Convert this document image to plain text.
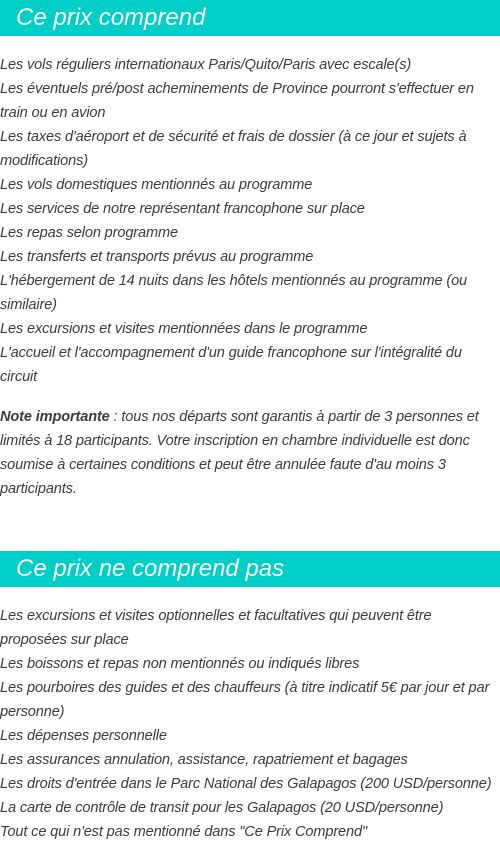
Ce prix comprend
Les vols réguliers internationaux Paris/Quito/Paris avec escale(s)
Les éventuels pré/post acheminements de Province pourront s'effectuer en train ou en avion
Les taxes d'aéroport et de sécurité et frais de dossier (à ce jour et sujets à modifications)
Les vols domestiques mentionnés au programme
Les services de notre représentant francophone sur place
Les repas selon programme
Les transferts et transports prévus au programme
L'hébergement de 14 nuits dans les hôtels mentionnés au programme (ou similaire)
Les excursions et visites mentionnées dans le programme
L'accueil et l'accompagnement d'un guide francophone sur l'intégralité du circuit

Note importante : tous nos départs sont garantis à partir de 3 personnes et limités à 18 participants. Votre inscription en chambre individuelle est donc soumise à certaines conditions et peut être annulée faute d'au moins 3 participants.

Ce prix ne comprend pas
Les excursions et visites optionnelles et facultatives qui peuvent être proposées sur place
Les boissons et repas non mentionnés ou indiqués libres
Les pourboires des guides et des chauffeurs (à titre indicatif 5€ par jour et par personne)
Les dépenses personnelle
Les assurances annulation, assistance, rapatriement et bagages
Les droits d'entrée dans le Parc National des Galapagos (200 USD/personne)
La carte de contrôle de transit pour les Galapagos (20 USD/personne)
Tout ce qui n'est pas mentionné dans "Ce Prix Comprend"
